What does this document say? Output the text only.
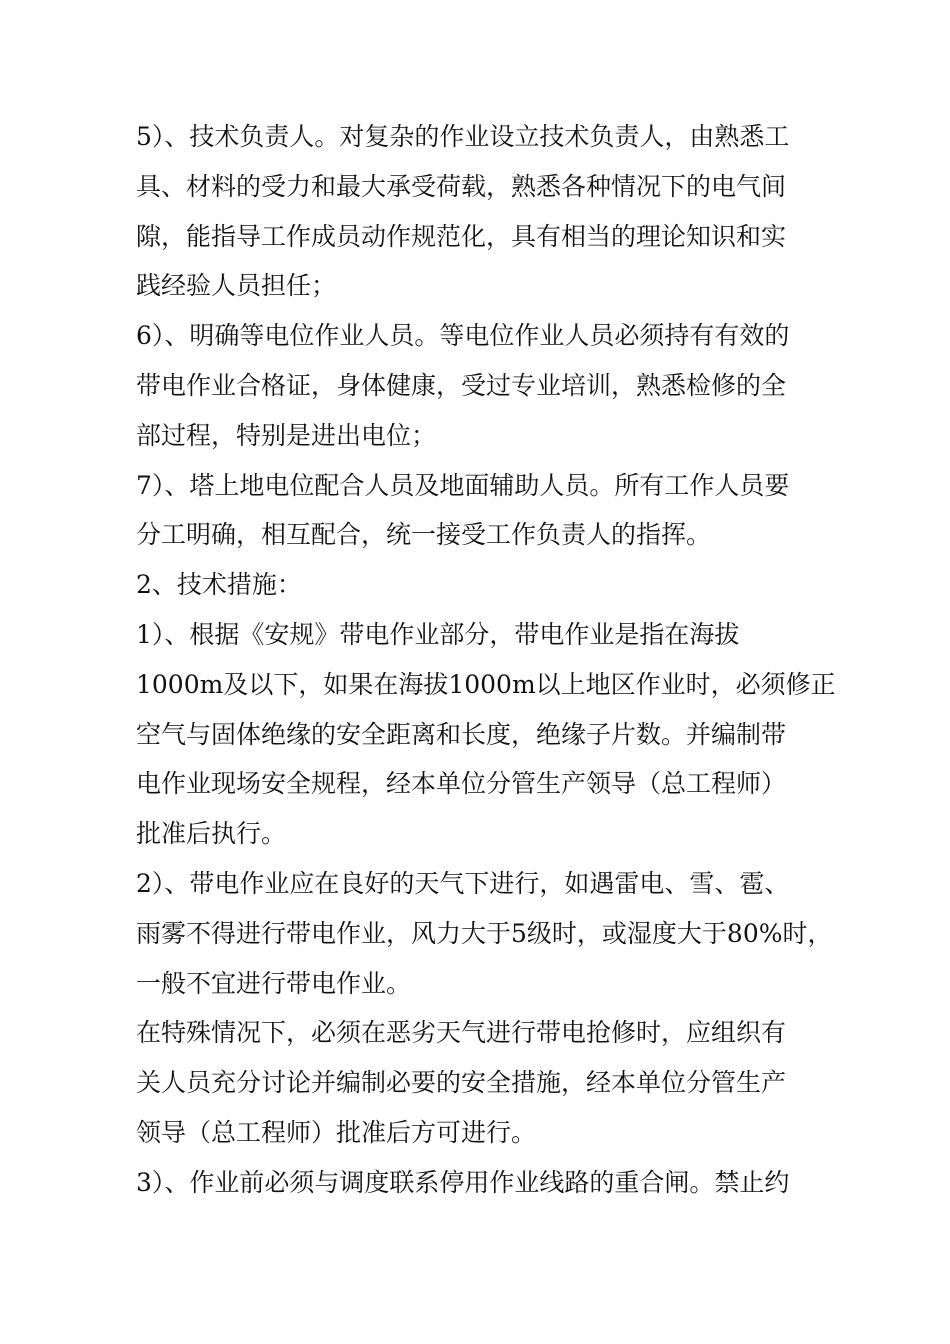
5）、技术负责人。对复杂的作业设立技术负责人，由熟悉工
具、材料的受力和最大承受荷载，熟悉各种情况下的电气间
隙，能指导工作成员动作规范化，具有相当的理论知识和实
践经验人员担任；
6）、明确等电位作业人员。等电位作业人员必须持有有效的
带电作业合格证，身体健康，受过专业培训，熟悉检修的全
部过程，特别是进出电位；
7）、塔上地电位配合人员及地面辅助人员。所有工作人员要
分工明确，相互配合，统一接受工作负责人的指挥。
2、技术措施：
1）、根据《安规》带电作业部分，带电作业是指在海拔
1000m及以下，如果在海拔1000m以上地区作业时，必须修正
空气与固体绝缘的安全距离和长度，绝缘子片数。并编制带
电作业现场安全规程，经本单位分管生产领导（总工程师）
批准后执行。
2）、带电作业应在良好的天气下进行，如遇雷电、雪、雹、
雨雾不得进行带电作业，风力大于5级时，或湿度大于80%时，
一般不宜进行带电作业。
在特殊情况下，必须在恶劣天气进行带电抢修时，应组织有
关人员充分讨论并编制必要的安全措施，经本单位分管生产
领导（总工程师）批准后方可进行。
3）、作业前必须与调度联系停用作业线路的重合闸。禁止约
